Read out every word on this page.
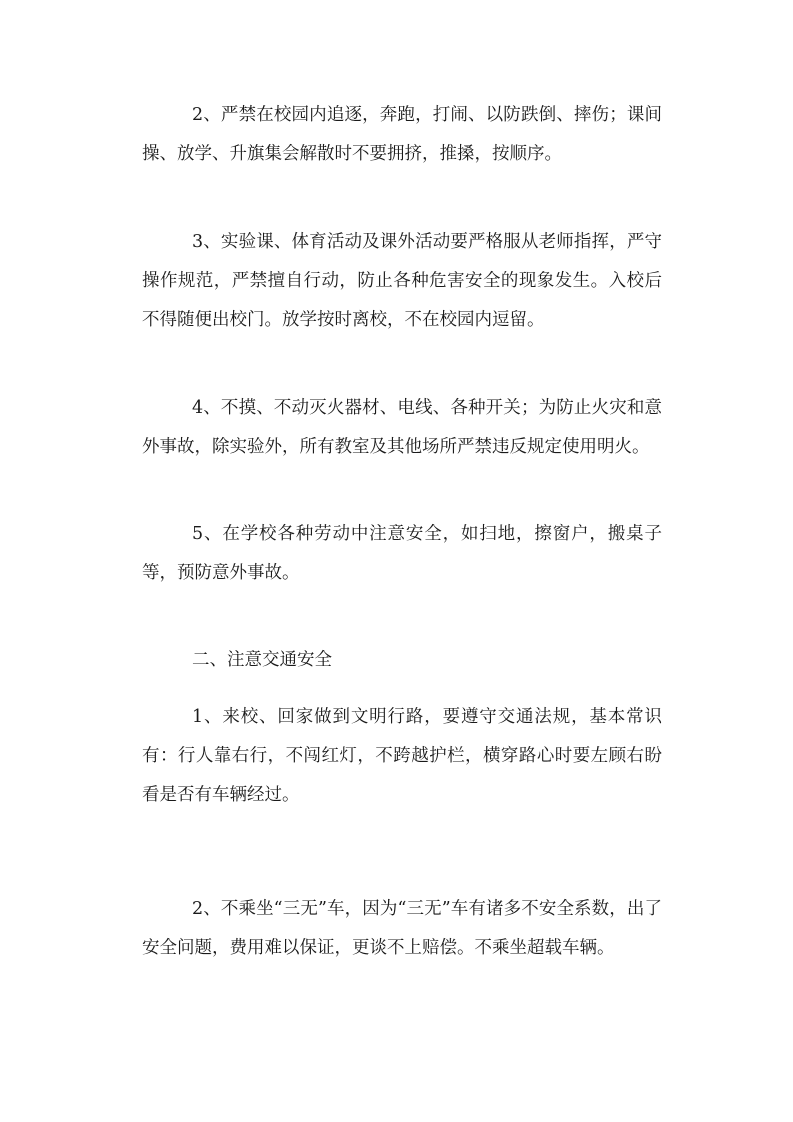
2、严禁在校园内追逐，奔跑，打闹、以防跌倒、摔伤；课间操、放学、升旗集会解散时不要拥挤，推搡，按顺序。

3、实验课、体育活动及课外活动要严格服从老师指挥，严守操作规范，严禁擅自行动，防止各种危害安全的现象发生。入校后不得随便出校门。放学按时离校，不在校园内逗留。

4、不摸、不动灭火器材、电线、各种开关；为防止火灾和意外事故，除实验外，所有教室及其他场所严禁违反规定使用明火。

5、在学校各种劳动中注意安全，如扫地，擦窗户，搬桌子等，预防意外事故。

二、注意交通安全

1、来校、回家做到文明行路，要遵守交通法规，基本常识有：行人靠右行，不闯红灯，不跨越护栏，横穿路心时要左顾右盼看是否有车辆经过。

2、不乘坐“三无”车，因为“三无”车有诸多不安全系数，出了安全问题，费用难以保证，更谈不上赔偿。不乘坐超载车辆。
